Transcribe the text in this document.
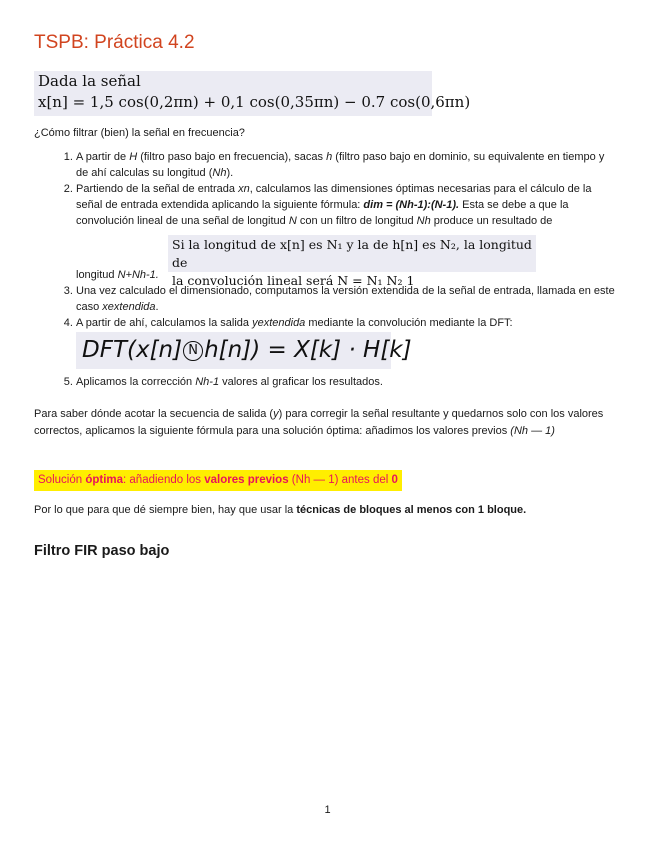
TSPB: Práctica 4.2
Dada la señal
x[n] = 1,5 cos(0,2πn) + 0,1 cos(0,35πn) − 0.7 cos(0,6πn)
¿Cómo filtrar (bien) la señal en frecuencia?
1. A partir de H (filtro paso bajo en frecuencia), sacas h (filtro paso bajo en dominio, su equivalente en tiempo y de ahí calculas su longitud (Nh).
2. Partiendo de la señal de entrada xn, calculamos las dimensiones óptimas necesarias para el cálculo de la señal de entrada extendida aplicando la siguiente fórmula: dim = (Nh-1):(N-1). Esta se debe a que la convolución lineal de una señal de longitud N con un filtro de longitud Nh produce un resultado de
longitud N+Nh-1.
3. Una vez calculado el dimensionado, computamos la versión extendida de la señal de entrada, llamada en este caso xextendida.
4. A partir de ahí, calculamos la salida yextendida mediante la convolución mediante la DFT:
5. Aplicamos la corrección Nh-1 valores al graficar los resultados.
Si la longitud de x[n] es N₁ y la de h[n] es N₂, la longitud de
la convolución lineal será N = N₁ N₂ 1
DFT(x[n] N h[n]) = X[k] · H[k]

Para saber dónde acotar la secuencia de salida (y) para corregir la señal resultante y quedarnos solo con los valores correctos, aplicamos la siguiente fórmula para una solución óptima: añadimos los valores previos (Nh — 1)

Solución óptima: añadiendo los valores previos (Nh — 1) antes del 0

Por lo que para que dé siempre bien, hay que usar la técnicas de bloques al menos con 1 bloque.

Filtro FIR paso bajo
1
